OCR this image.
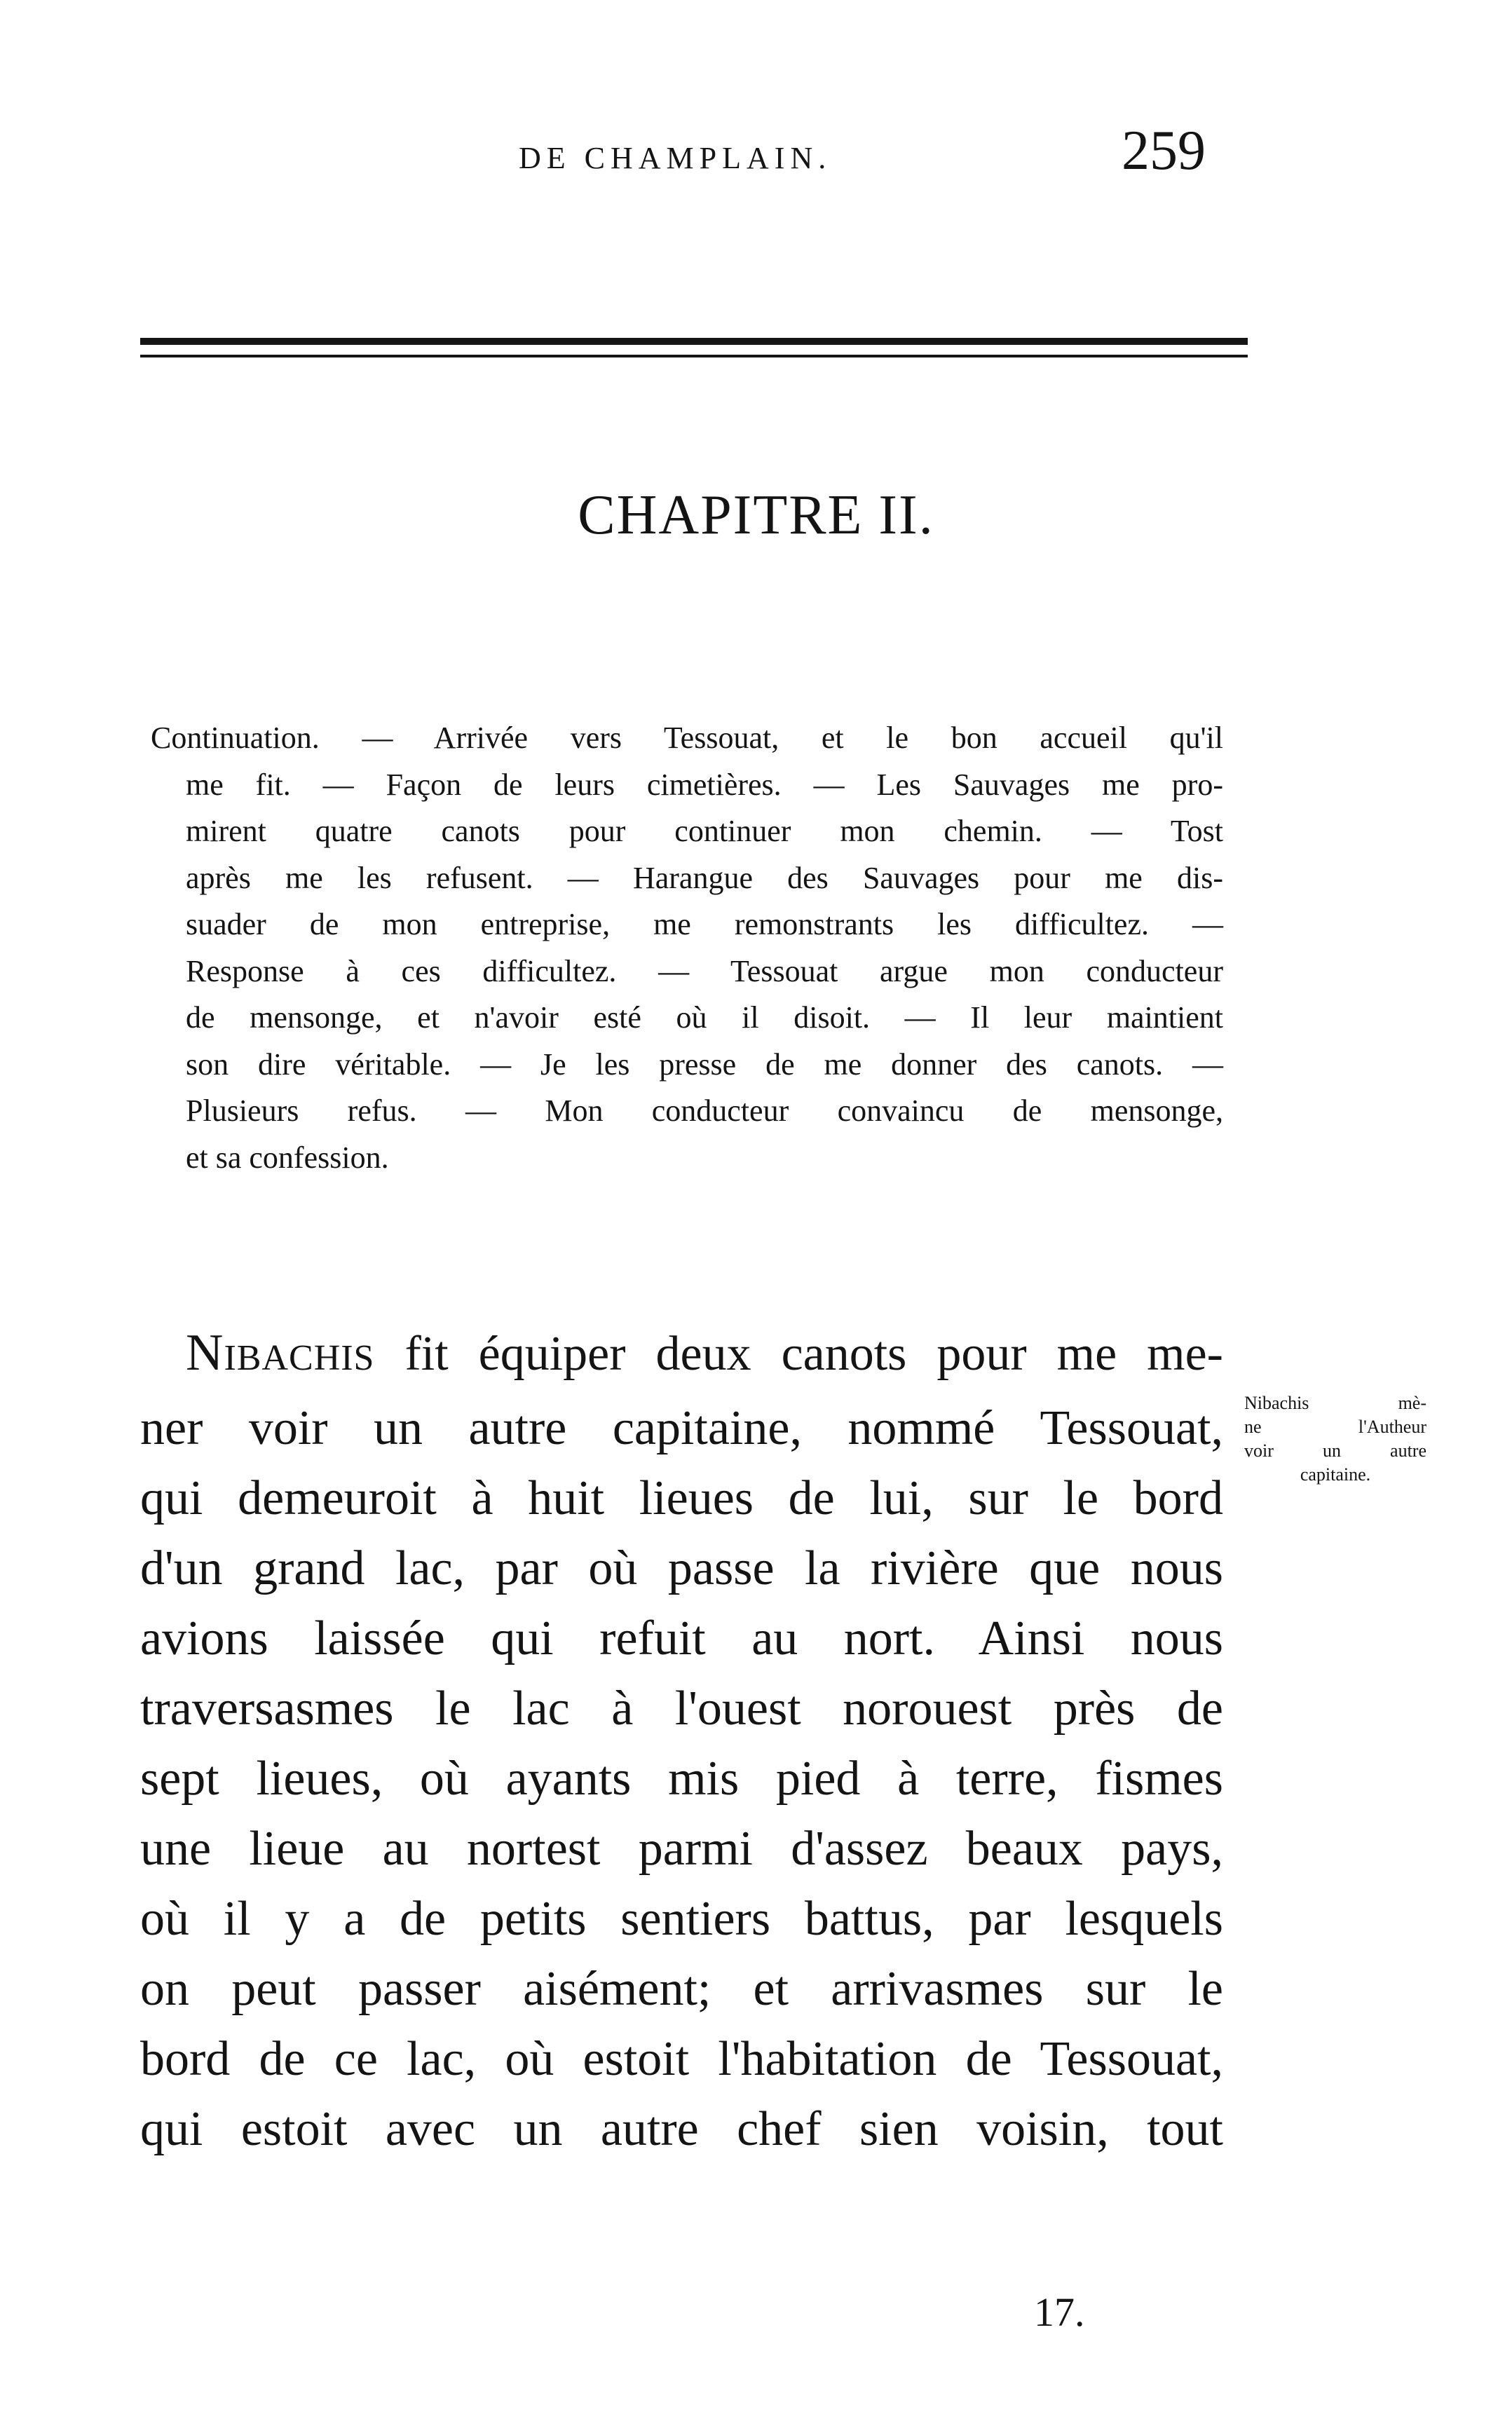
DE CHAMPLAIN.	259
CHAPITRE II.
Continuation. — Arrivée vers Tessouat, et le bon accueil qu'il
me fit. — Façon de leurs cimetières. — Les Sauvages me pro-
mirent quatre canots pour continuer mon chemin. — Tost
après me les refusent. — Harangue des Sauvages pour me dis-
suader de mon entreprise, me remonstrants les difficultez. —
Response à ces difficultez. — Tessouat argue mon conducteur
de mensonge, et n'avoir esté où il disoit. — Il leur maintient
son dire véritable. — Je les presse de me donner des canots. —
Plusieurs refus. — Mon conducteur convaincu de mensonge,
et sa confession.
NIBACHIS fit équiper deux canots pour me me-
ner voir un autre capitaine, nommé Tessouat,
qui demeuroit à huit lieues de lui, sur le bord
d'un grand lac, par où passe la rivière que nous
avions laissée qui refuit au nort. Ainsi nous
traversasmes le lac à l'ouest norouest près de
sept lieues, où ayants mis pied à terre, fismes
une lieue au nortest parmi d'assez beaux pays,
où il y a de petits sentiers battus, par lesquels
on peut passer aisément; et arrivasmes sur le
bord de ce lac, où estoit l'habitation de Tessouat,
qui estoit avec un autre chef sien voisin, tout
Nibachis mè-
ne l'Autheur
voir un autre
capitaine.
17.
